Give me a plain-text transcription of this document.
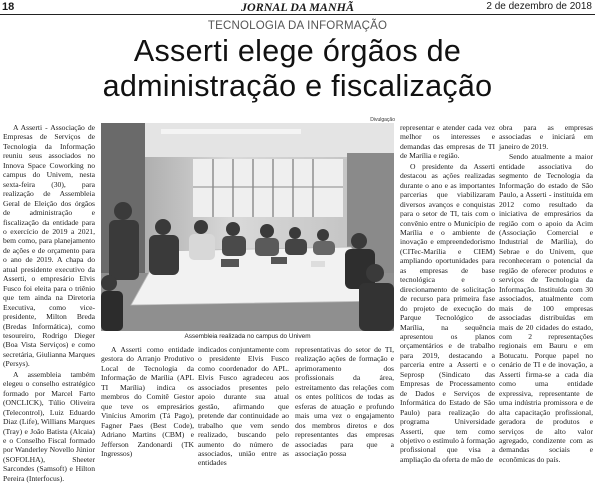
18	JORNAL DA MANHÃ	2 de dezembro de 2018
TECNOLOGIA DA INFORMAÇÃO
Asserti elege órgãos de
administração e fiscalização
Divulgação

A Asserti - Associação de Empresas de Serviços de Tecnologia da Informação reuniu seus associados no Innova Space Coworking no campus do Univem, nesta sexta-feira (30), para realização de Assembleia Geral de Eleição dos órgãos de administração e fiscalização da entidade para o exercício de 2019 a 2021, bem como, para planejamento de ações e de orçamento para o ano de 2019. A chapa do atual presidente executivo da Asserti, o empresário Elvis Fusco foi eleita para o triênio que tem ainda na Diretoria Executiva, como vice-presidente, Milton Breda (Bredas Informática), como tesoureiro, Rodrigo Dieger (Boa Vista Serviços) e como secretária, Giulianna Marques (Persys).

A assembleia também elegeu o conselho estratégico formado por Marcel Farto (ONCLICK), Túlio Oliveira (Telecontrol), Luiz Eduardo Diaz (Life), Willians Marques (Tray) e João Batista (Alcaia) e o Conselho Fiscal formado por Wanderley Novello Júnior (SOFOLHA), Sheeter Sarcondes (Samsoft) e Hilton Pereira (Interfocus).

Assembleia realizada no campus do Univem

A Asserti como entidade gestora do Arranjo Produtivo Local de Tecnologia da Informação de Marília (APL TI Marília) indica os membros do Comitê Gestor que teve os empresários Vinícius Amorim (Tá Pago), Fagner Paes (Best Code), Adriano Martins (CBM) e Jefferson Zandonardi (TK Ingressos)

indicados conjuntamente com o presidente Elvis Fusco como coordenador do APL. Elvis Fusco agradeceu aos associados presentes pelo apoio durante sua atual gestão, afirmando que pretende dar continuidade ao trabalho que vem sendo realizado, buscando pelo aumento do número de associados, união entre as entidades

representativas do setor de TI, realização ações de formação e aprimoramento dos profissionais da área, estreitamento das relações com os entes políticos de todas as esferas de atuação e profundo mais uma vez o engajamento dos membros diretos e dos representantes das empresas associadas para que a associação possa

representar e atender cada vez melhor os interesses e demandas das empresas de TI de Marília e região.

O presidente da Asserti destacou as ações realizadas durante o ano e as importantes parcerias que viabilizaram diversos avanços e conquistas para o setor de TI, tais com o convênio entre o Município de Marília e o ambiente de inovação e empreendedorismo (CITec-Marília e CIEM) ampliando oportunidades para as empresas de base tecnológica e o direcionamento de solicitação de recurso para primeira fase do projeto de execução do Parque Tecnológico de Marília, na sequência apresentou os planos orçamentários e de trabalho para 2019, destacando a parceria entre a Asserti e o Seprosp (Sindicato das Empresas de Processamento de Dados e Serviços de Informática do Estado de São Paulo) para realização do programa Universidade Asserti, que tem como objetivo o estímulo à formação profissional que visa a ampliação da oferta de mão de

obra para as empresas associadas e iniciará em janeiro de 2019.

Sendo atualmente a maior entidade associativa do segmento de Tecnologia da Informação do estado de São Paulo, a Asserti - instituída em 2012 como resultado da iniciativa de empresários da região com o apoio da Acim (Associação Comercial e Industrial de Marília), do Sebrae e do Univem, que reconheceram o potencial da região de oferecer produtos e serviços de Tecnologia da Informação. Instituída com 30 associados, atualmente com mais de 100 empresas associadas distribuídas em mais de 20 cidades do estado, com 2 representações regionais em Bauru e em Botucatu. Porque papel no cenário de TI e de inovação, a Asserti firma-se a cada dia como uma entidade expressiva, representante de uma indústria promissora e de alta capacitação profissional, geradora de produtos e serviços de alto valor agregado, condizente com as demandas sociais e econômicas do país.
